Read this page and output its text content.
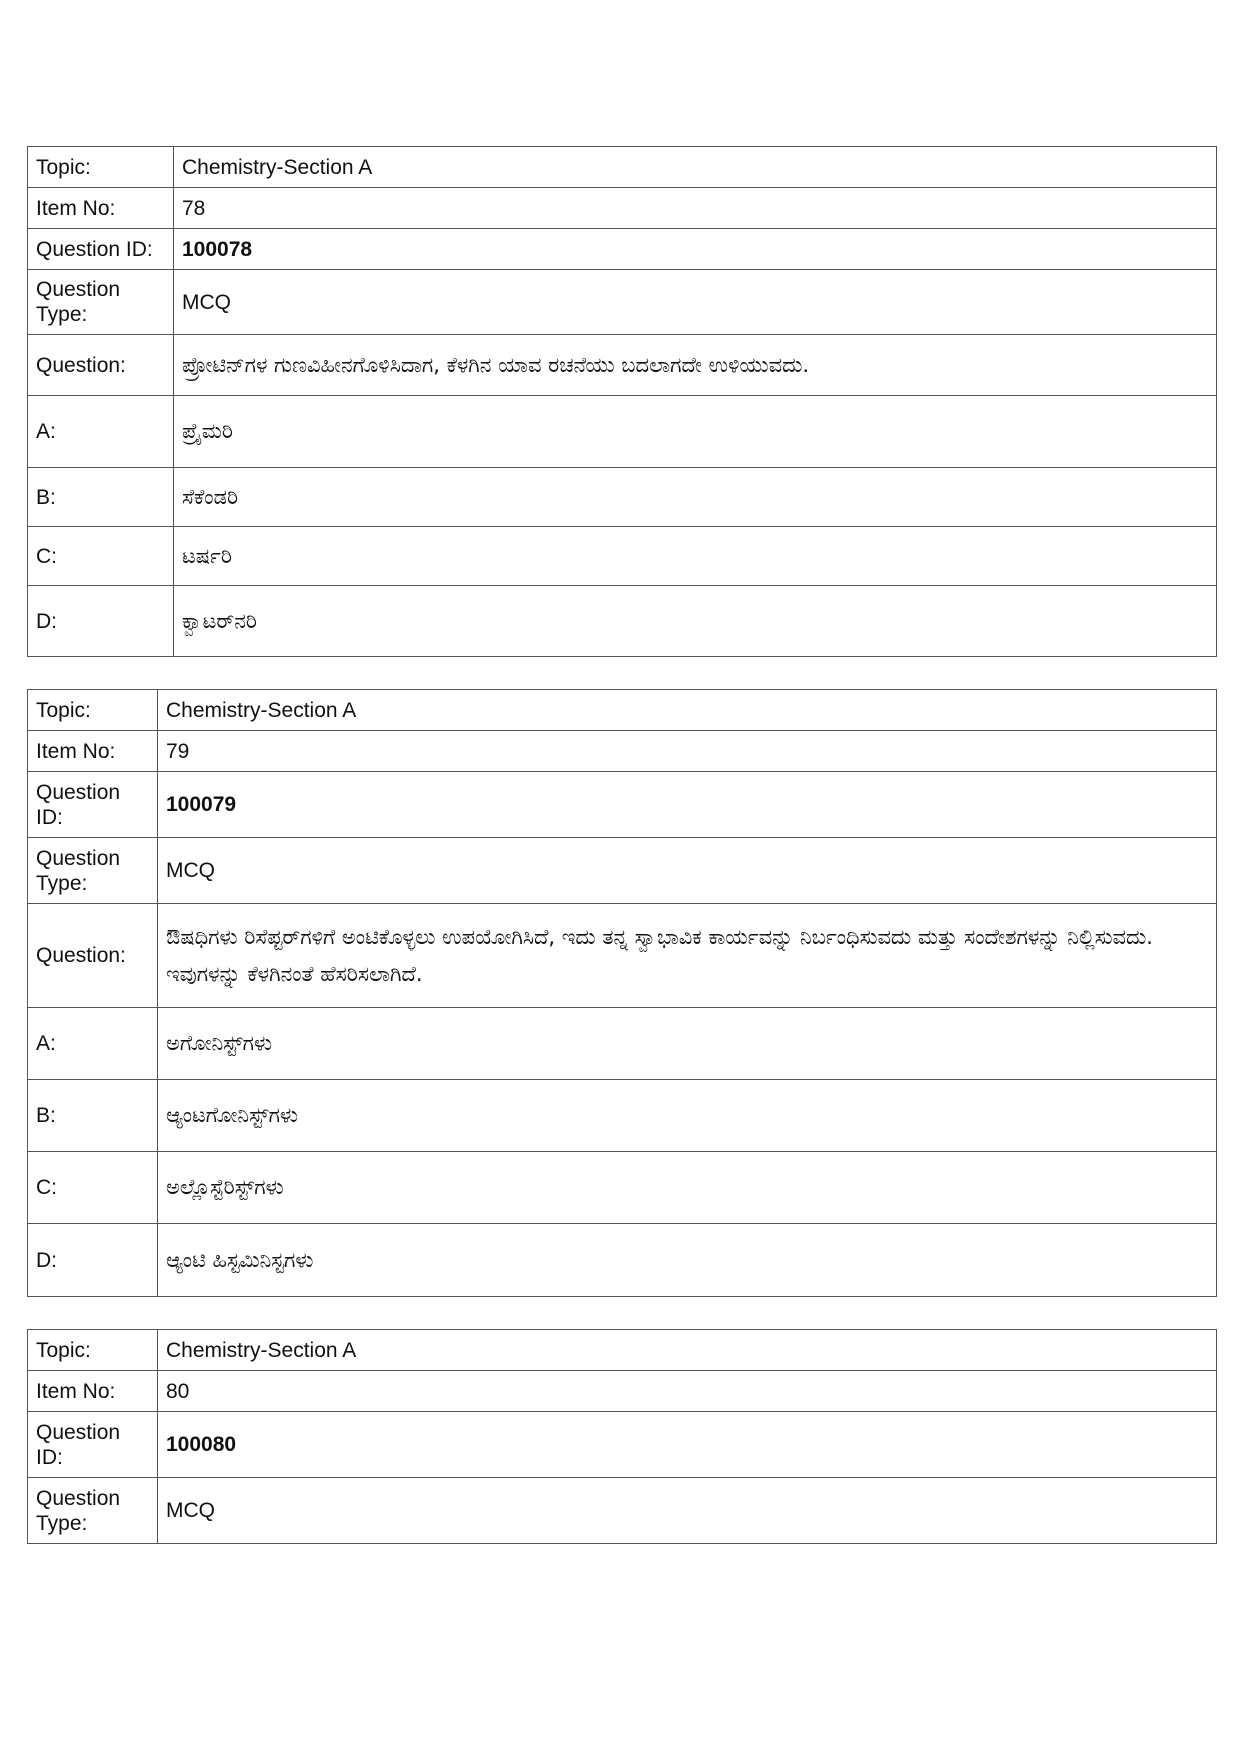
Topic:	Chemistry-Section A
Item No:	78
Question ID:	100078
Question Type:	MCQ
Question:	ಪ್ರೋಟಿನ್‌ಗಳ ಗುಣವಿಹೀನಗೊಳಿಸಿದಾಗ, ಕೆಳಗಿನ ಯಾವ ರಚನೆಯು ಬದಲಾಗದೇ ಉಳಿಯುವದು.
A:	ಪ್ರೈಮರಿ
B:	ಸೆಕೆಂಡರಿ
C:	ಟರ್ಷರಿ
D:	ಕ್ವಾಟರ್‌ನರಿ
Topic:	Chemistry-Section A
Item No:	79
Question ID:	100079
Question Type:	MCQ
Question:	ಔಷಧಿಗಳು ರಿಸೆಪ್ಟರ್‌ಗಳಿಗೆ ಅಂಟಿಕೊಳ್ಳಲು ಉಪಯೋಗಿಸಿದೆ, ಇದು ತನ್ನ ಸ್ವಾಭಾವಿಕ ಕಾರ್ಯವನ್ನು ನಿರ್ಬಂಧಿಸುವದು ಮತ್ತು ಸಂದೇಶಗಳನ್ನು ನಿಲ್ಲಿಸುವದು. ಇವುಗಳನ್ನು ಕೆಳಗಿನಂತೆ ಹೆಸರಿಸಲಾಗಿದೆ.
A:	ಅಗೋನಿಸ್ಟ್‌ಗಳು
B:	ಆ್ಯಂಟಗೋನಿಸ್ಟ್‌ಗಳು
C:	ಅಲ್ಲೊಸ್ಟೆರಿಸ್ಟ್‌ಗಳು
D:	ಆ್ಯಂಟಿ ಹಿಸ್ಟಮಿನಿಸ್ಟಗಳು
Topic:	Chemistry-Section A
Item No:	80
Question ID:	100080
Question Type:	MCQ
